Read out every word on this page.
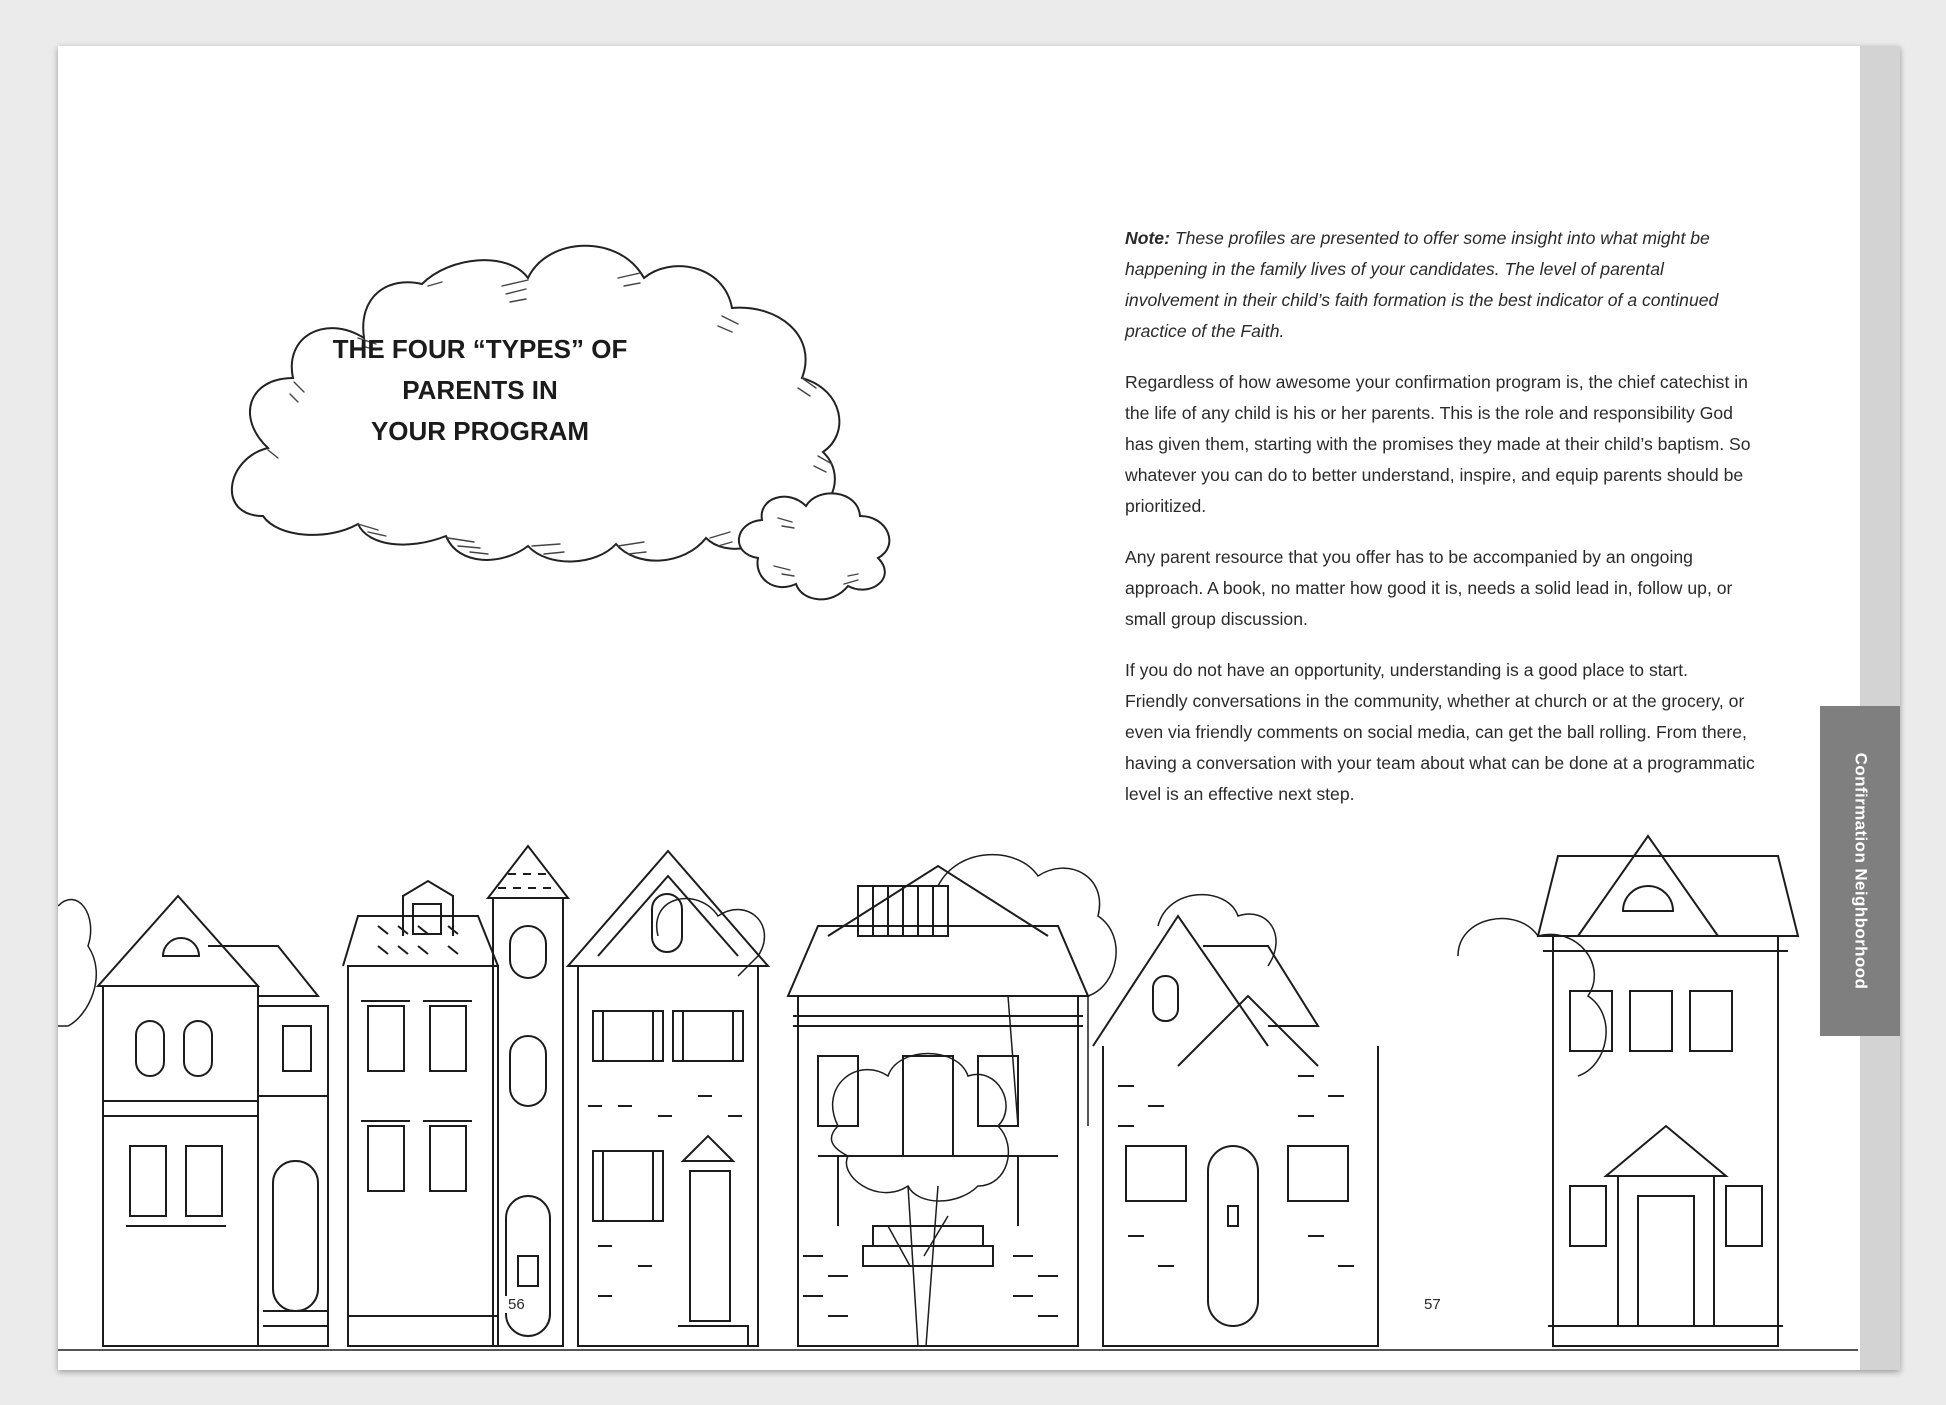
THE FOUR “TYPES” OF
PARENTS IN
YOUR PROGRAM

Note: These profiles are presented to offer some insight into what might be happening in the family lives of your candidates. The level of parental involvement in their child’s faith formation is the best indicator of a continued practice of the Faith.

Regardless of how awesome your confirmation program is, the chief catechist in the life of any child is his or her parents. This is the role and responsibility God has given them, starting with the promises they made at their child’s baptism. So whatever you can do to better understand, inspire, and equip parents should be prioritized.

Any parent resource that you offer has to be accompanied by an ongoing approach. A book, no matter how good it is, needs a solid lead in, follow up, or small group discussion.

If you do not have an opportunity, understanding is a good place to start. Friendly conversations in the community, whether at church or at the grocery, or even via friendly comments on social media, can get the ball rolling. From there, having a conversation with your team about what can be done at a programmatic level is an effective next step.	Confirmation Neighborhood
56	57
